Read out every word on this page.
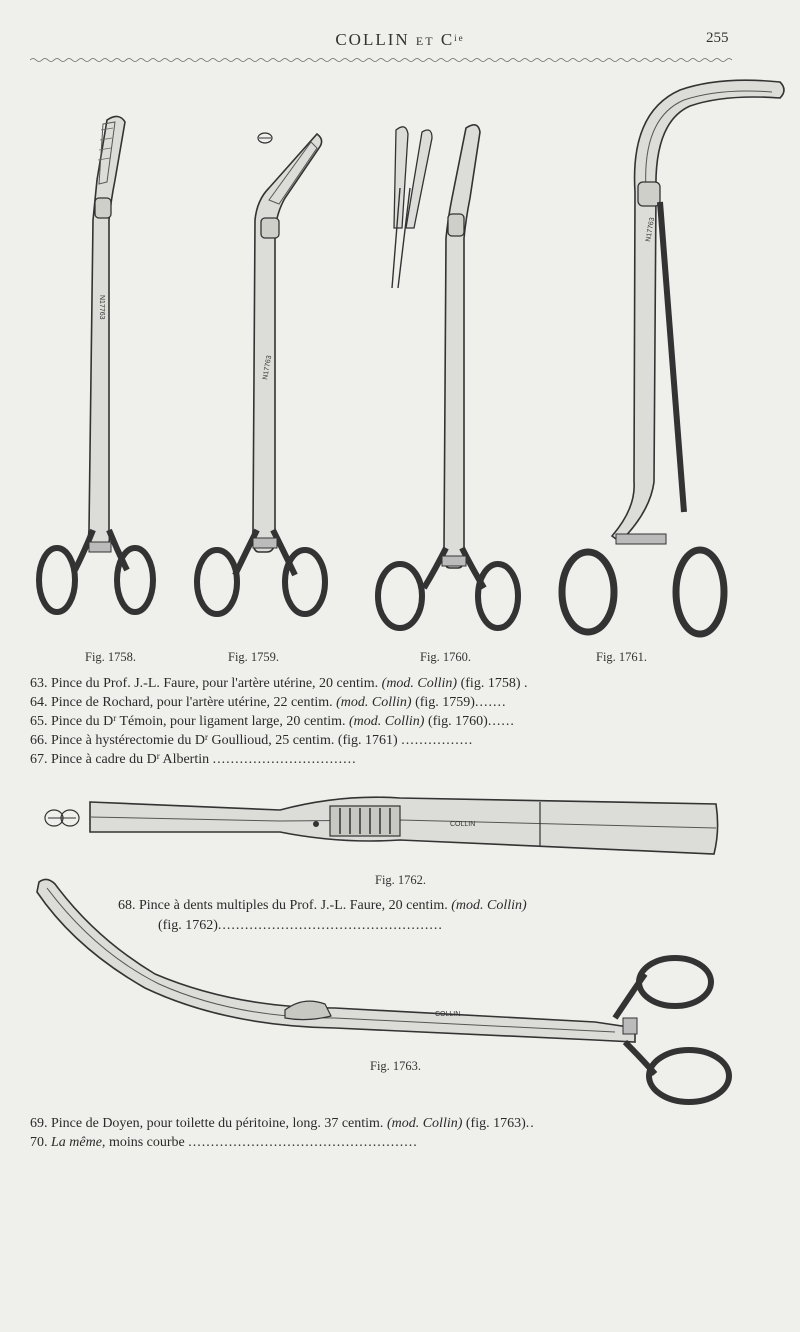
COLLIN ET $C^{ie}$	255
N17763
Fig. 1758.
N17763
Fig. 1759.	Fig. 1760.
N17763
Fig. 1761.
63. Pince du Prof. J.-L. Faure, pour l'artère utérine, 20 centim. (mod. Collin) (fig. 1758) .
64. Pince de Rochard, pour l'artère utérine, 22 centim. (mod. Collin) (fig. 1759).......
65. Pince du $D^r$ Témoin, pour ligament large, 20 centim. (mod. Collin) (fig. 1760)......
66. Pince à hystérectomie du $D^r$ Goullioud, 25 centim. (fig. 1761) ................
67. Pince à cadre du $D^r$ Albertin ................................
COLLIN
Fig. 1762.
68. Pince à dents multiples du Prof. J.-L. Faure, 20 centim. (mod. Collin)
(fig. 1762)..................................................
COLLIN
Fig. 1763.
69. Pince de Doyen, pour toilette du péritoine, long. 37 centim. (mod. Collin) (fig. 1763)..
70. La même, moins courbe ...................................................
